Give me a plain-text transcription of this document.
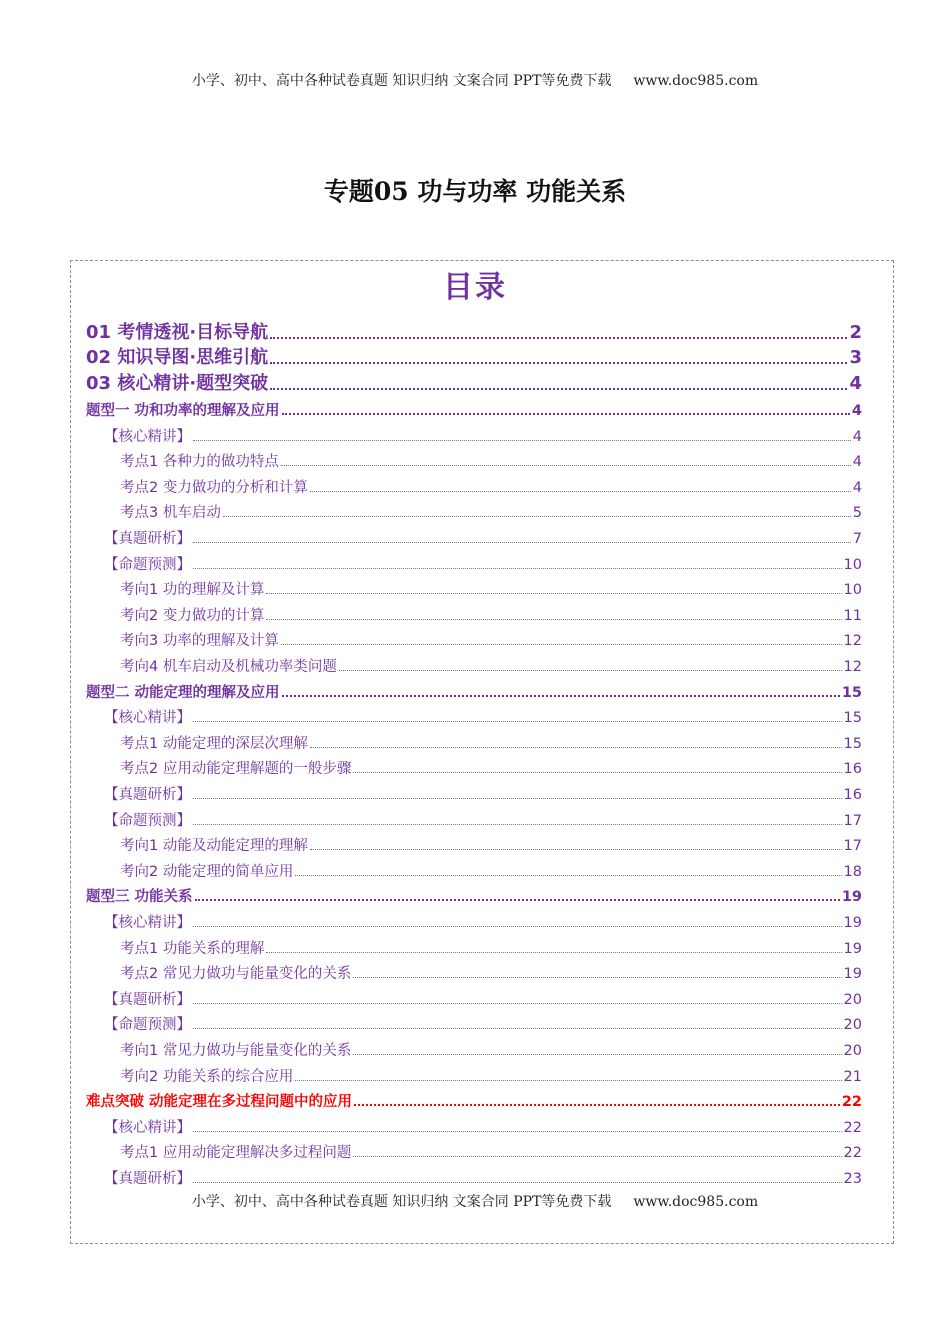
小学、初中、高中各种试卷真题 知识归纳 文案合同 PPT等免费下载 www.doc985.com
专题05 功与功率 功能关系
目录
01 考情透视·目标导航	2
02 知识导图·思维引航	3
03 核心精讲·题型突破	4
题型一 功和功率的理解及应用	4
【核心精讲】	4
考点1 各种力的做功特点	4
考点2 变力做功的分析和计算	4
考点3 机车启动	5
【真题研析】	7
【命题预测】	10
考向1 功的理解及计算	10
考向2 变力做功的计算	11
考向3 功率的理解及计算	12
考向4 机车启动及机械功率类问题	12
题型二 动能定理的理解及应用	15
【核心精讲】	15
考点1 动能定理的深层次理解	15
考点2 应用动能定理解题的一般步骤	16
【真题研析】	16
【命题预测】	17
考向1 动能及动能定理的理解	17
考向2 动能定理的简单应用	18
题型三 功能关系	19
【核心精讲】	19
考点1 功能关系的理解	19
考点2 常见力做功与能量变化的关系	19
【真题研析】	20
【命题预测】	20
考向1 常见力做功与能量变化的关系	20
考向2 功能关系的综合应用	21
难点突破 动能定理在多过程问题中的应用	22
【核心精讲】	22
考点1 应用动能定理解决多过程问题	22
【真题研析】	23
小学、初中、高中各种试卷真题 知识归纳 文案合同 PPT等免费下载 www.doc985.com
